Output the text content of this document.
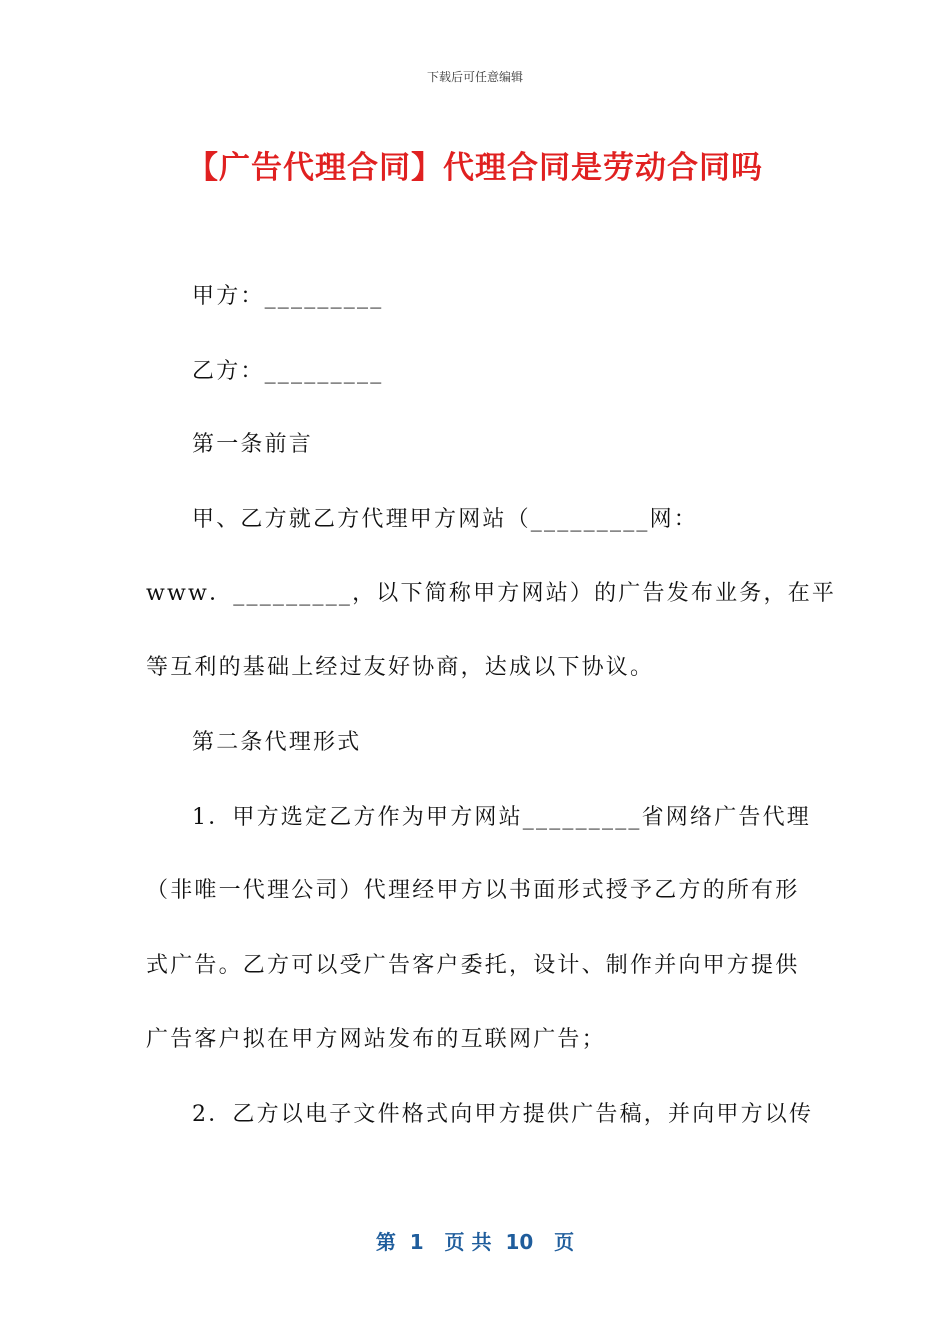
下载后可任意编辑
【广告代理合同】代理合同是劳动合同吗
甲方：_________
乙方：_________
第一条前言
甲、乙方就乙方代理甲方网站（_________网：
www．_________，以下简称甲方网站）的广告发布业务，在平
等互利的基础上经过友好协商，达成以下协议。
第二条代理形式
1．甲方选定乙方作为甲方网站_________省网络广告代理
（非唯一代理公司）代理经甲方以书面形式授予乙方的所有形
式广告。乙方可以受广告客户委托，设计、制作并向甲方提供
广告客户拟在甲方网站发布的互联网广告；
2．乙方以电子文件格式向甲方提供广告稿，并向甲方以传
第  1   页 共  10   页
